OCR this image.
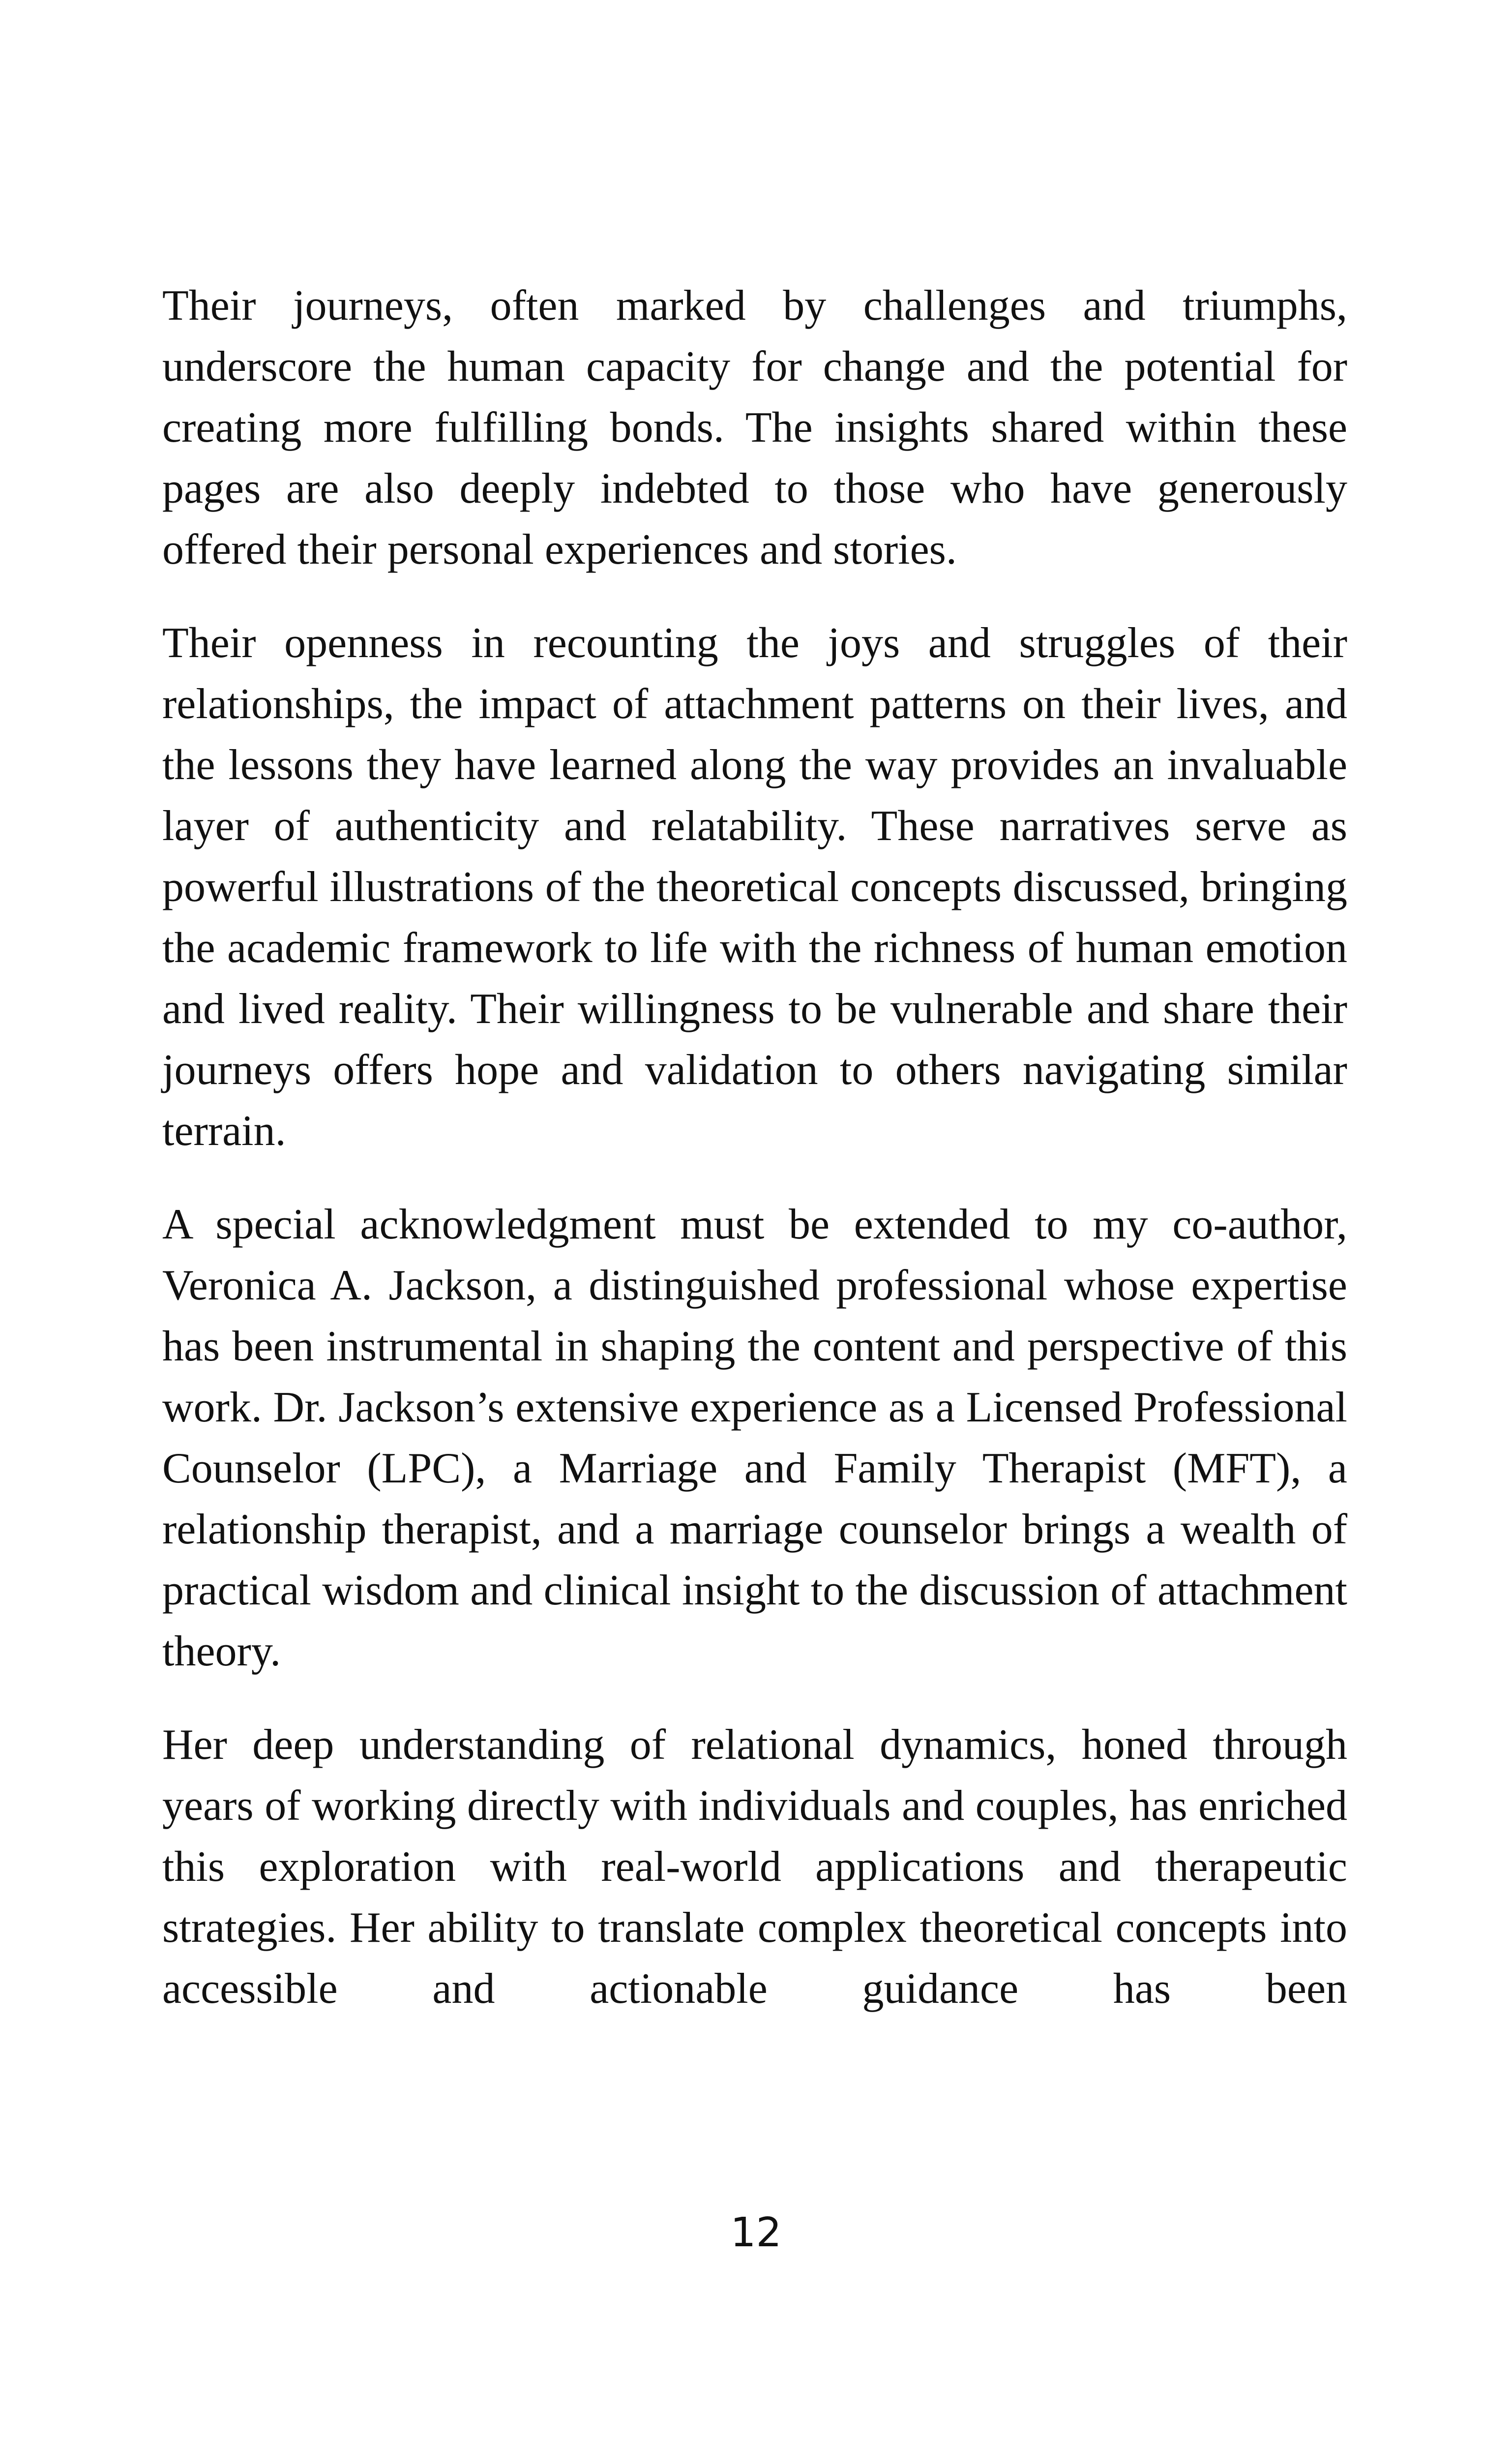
Their journeys, often marked by challenges and triumphs, underscore the human capacity for change and the potential for creating more fulfilling bonds. The insights shared within these pages are also deeply indebted to those who have generously offered their personal experiences and stories.

Their openness in recounting the joys and struggles of their relationships, the impact of attachment patterns on their lives, and the lessons they have learned along the way provides an invaluable layer of authenticity and relatability. These narratives serve as powerful illustrations of the theoretical concepts discussed, bringing the academic framework to life with the richness of human emotion and lived reality. Their willingness to be vulnerable and share their journeys offers hope and validation to others navigating similar terrain.

A special acknowledgment must be extended to my co-author, Veronica A. Jackson, a distinguished professional whose expertise has been instrumental in shaping the content and perspective of this work. Dr. Jackson’s extensive experience as a Licensed Professional Counselor (LPC), a Marriage and Family Therapist (MFT), a relationship therapist, and a marriage counselor brings a wealth of practical wisdom and clinical insight to the discussion of attachment theory.

Her deep understanding of relational dynamics, honed through years of working directly with individuals and couples, has enriched this exploration with real-world applications and therapeutic strategies. Her ability to translate complex theoretical concepts into accessible and actionable guidance has been

12
